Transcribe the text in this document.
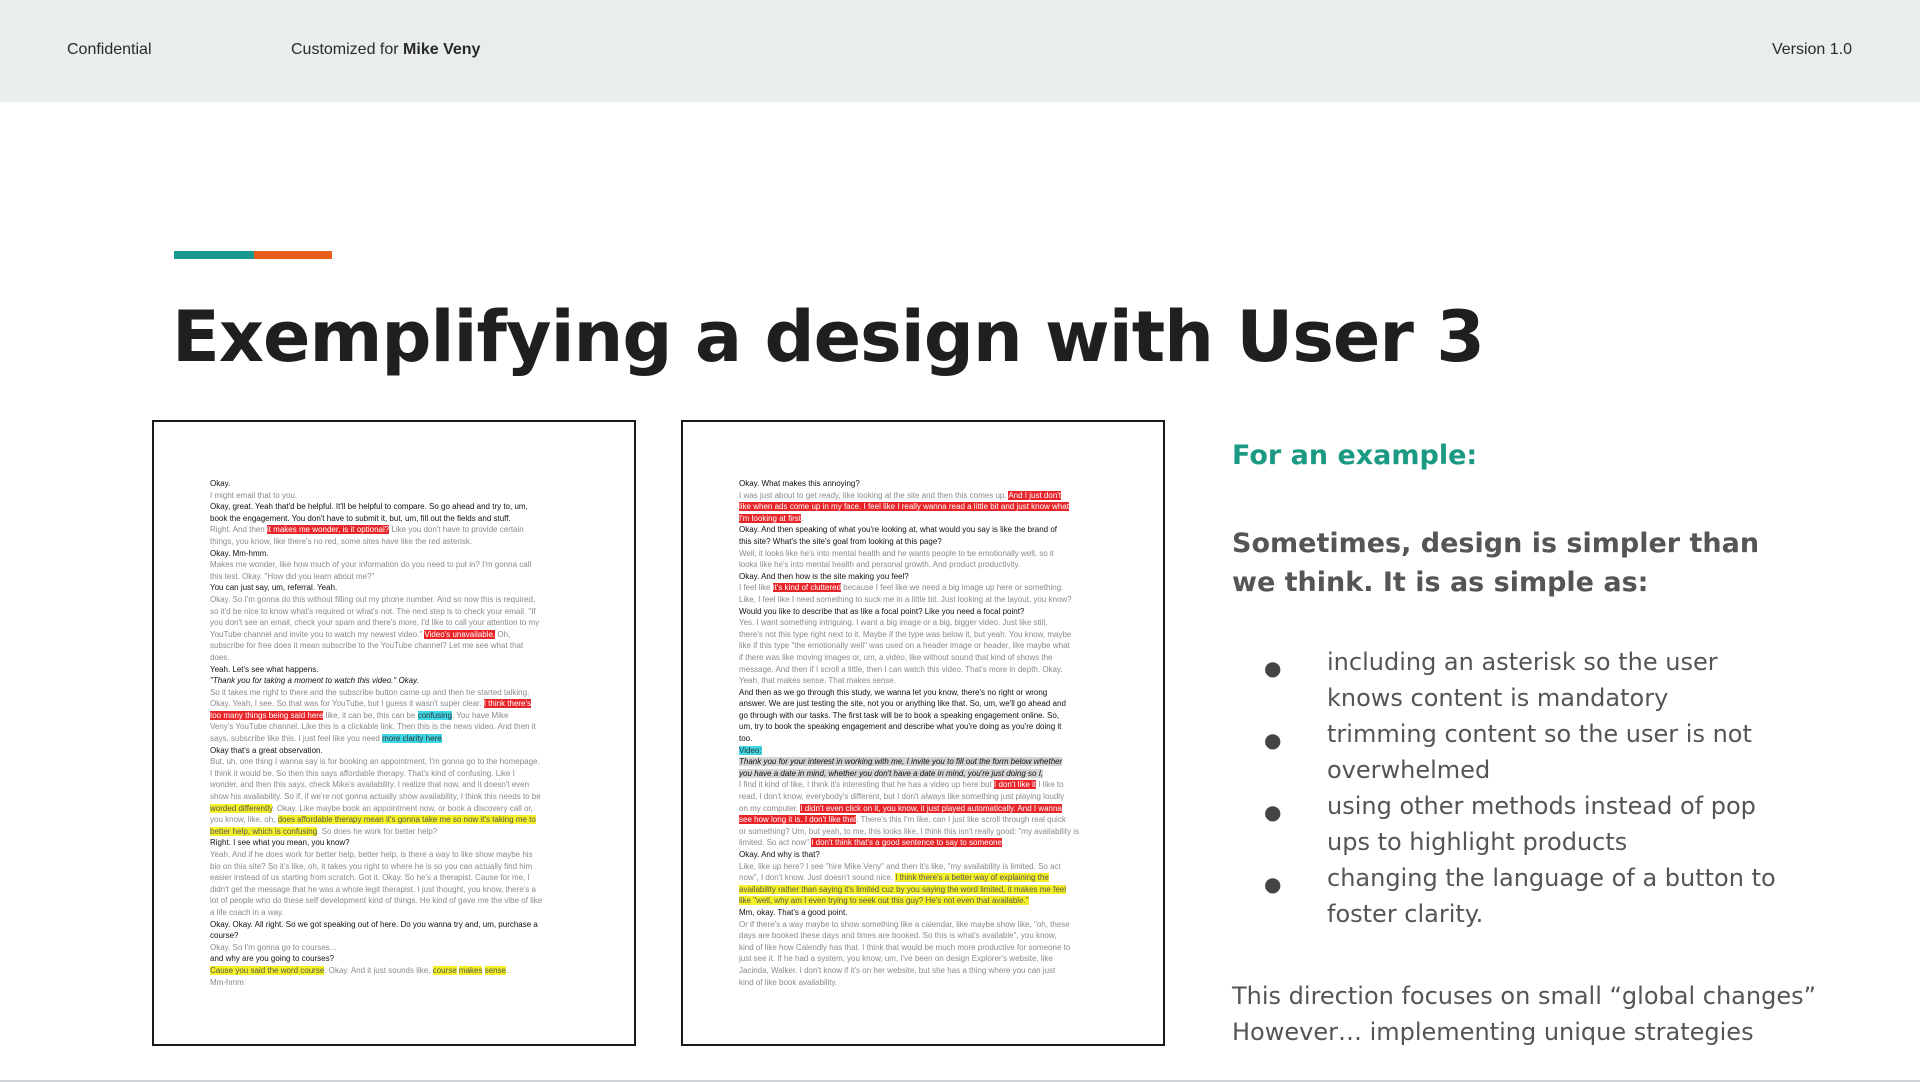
Confidential	Customized for Mike Veny	Version 1.0
Exemplifying a design with User 3
Okay.
I might email that to you.
Okay, great. Yeah that'd be helpful. It'll be helpful to compare. So go ahead and try to, um,
book the engagement. You don't have to submit it, but, um, fill out the fields and stuff.
Right. And then it makes me wonder, is it optional? Like you don't have to provide certain
things, you know, like there's no red, some sites have like the red asterisk.
Okay. Mm-hmm.
Makes me wonder, like how much of your information do you need to put in? I'm gonna call
this test. Okay. "How did you learn about me?"
You can just say, um, referral. Yeah.
Okay. So I'm gonna do this without filling out my phone number. And so now this is required,
so it'd be nice to know what's required or what's not. The next step is to check your email. "If
you don't see an email, check your spam and there's more, I'd like to call your attention to my
YouTube channel and invite you to watch my newest video." Video's unavailable. Oh,
subscribe for free does it mean subscribe to the YouTube channel? Let me see what that
does.
Yeah. Let's see what happens.
"Thank you for taking a moment to watch this video." Okay.
So it takes me right to there and the subscribe button came up and then he started talking.
Okay. Yeah, I see. So that was for YouTube, but I guess it wasn't super clear. I think there's
too many things being said here like, it can be, this can be confusing. You have Mike
Veny's YouTube channel. Like this is a clickable link. Then this is the news video. And then it
says, subscribe like this. I just feel like you need more clarity here.
Okay that's a great observation.
But, uh, one thing I wanna say is for booking an appointment, I'm gonna go to the homepage.
I think it would be. So then this says affordable therapy. That's kind of confusing. Like I
wonder, and then this says, check Mike's availability. I realize that now, and it doesn't even
show his availability. So if, if we're not gonna actually show availability, I think this needs to be
worded differently. Okay. Like maybe book an appointment now, or book a discovery call or,
you know, like, oh, does affordable therapy mean it's gonna take me so now it's taking me to
better help, which is confusing. So does he work for better help?
Right. I see what you mean, you know?
Yeah. And if he does work for better help, better help, is there a way to like show maybe his
bio on this site? So it's like, oh, it takes you right to where he is so you can actually find him
easier instead of us starting from scratch. Got it. Okay. So he's a therapist. Cause for me, I
didn't get the message that he was a whole legit therapist. I just thought, you know, there's a
lot of people who do these self development kind of things. He kind of gave me the vibe of like
a life coach in a way.
Okay. Okay. All right. So we got speaking out of here. Do you wanna try and, um, purchase a
course?
Okay. So I'm gonna go to courses...
and why are you going to courses?
Cause you said the word course. Okay. And it just sounds like, course makes sense.
Mm-hmm
Okay. What makes this annoying?
I was just about to get ready, like looking at the site and then this comes up. And I just don't
like when ads come up in my face. I feel like I really wanna read a little bit and just know what
I'm looking at first.
Okay. And then speaking of what you're looking at, what would you say is like the brand of
this site? What's the site's goal from looking at this page?
Well, it looks like he's into mental health and he wants people to be emotionally well, so it
looks like he's into mental health and personal growth. And product productivity.
Okay. And then how is the site making you feel?
I feel like it's kind of cluttered because I feel like we need a big image up here or something.
Like, I feel like I need something to suck me in a little bit. Just looking at the layout, you know?
Would you like to describe that as like a focal point? Like you need a focal point?
Yes. I want something intriguing. I want a big image or a big, bigger video. Just like still,
there's not this type right next to it. Maybe if the type was below it, but yeah. You know, maybe
like if this type "the emotionally well" was used on a header image or header, like maybe what
if there was like moving images or, um, a video, like without sound that kind of shows the
message. And then if I scroll a little, then I can watch this video. That's more in depth. Okay.
Yeah, that makes sense. That makes sense.
And then as we go through this study, we wanna let you know, there's no right or wrong
answer. We are just testing the site, not you or anything like that. So, um, we'll go ahead and
go through with our tasks. The first task will be to book a speaking engagement online. So,
um, try to book the speaking engagement and describe what you're doing as you're doing it
too.
Video:
Thank you for your interest in working with me, I invite you to fill out the form below whether
you have a date in mind, whether you don't have a date in mind, you're just doing so I,
I find it kind of like, I think it's interesting that he has a video up here but I don't like it I like to
read, I don't know, everybody's different, but I don't always like something just playing loudly
on my computer. I didn't even click on it, you know, it just played automatically. And I wanna
see how long it is. I don't like that. There's this I'm like, can I just like scroll through real quick
or something? Um, but yeah, to me, this looks like, I think this isn't really good: "my availability is
limited. So act now" I don't think that's a good sentence to say to someone.
Okay. And why is that?
Like, like up here? I see "hire Mike Veny" and then it's like, "my availability is limited. So act
now", I don't know. Just doesn't sound nice. I think there's a better way of explaining the
availability rather than saying it's limited cuz by you saying the word limited, it makes me feel
like "well, why am I even trying to seek out this guy? He's not even that available."
Mm, okay. That's a good point.
Or if there's a way maybe to show something like a calendar, like maybe show like, "oh, these
days are booked these days and times are booked. So this is what's available", you know,
kind of like how Calendly has that. I think that would be much more productive for someone to
just see it. If he had a system, you know, um, I've been on design Explorer's website, like
Jacinda, Walker. I don't know if it's on her website, but she has a thing where you can just
kind of like book availability.

For an example:

Sometimes, design is simpler than we think. It is as simple as:
● including an asterisk so the user knows content is mandatory
● trimming content so the user is not overwhelmed
● using other methods instead of pop ups to highlight products
● changing the language of a button to foster clarity.
This direction focuses on small “global changes”
However… implementing unique strategies
